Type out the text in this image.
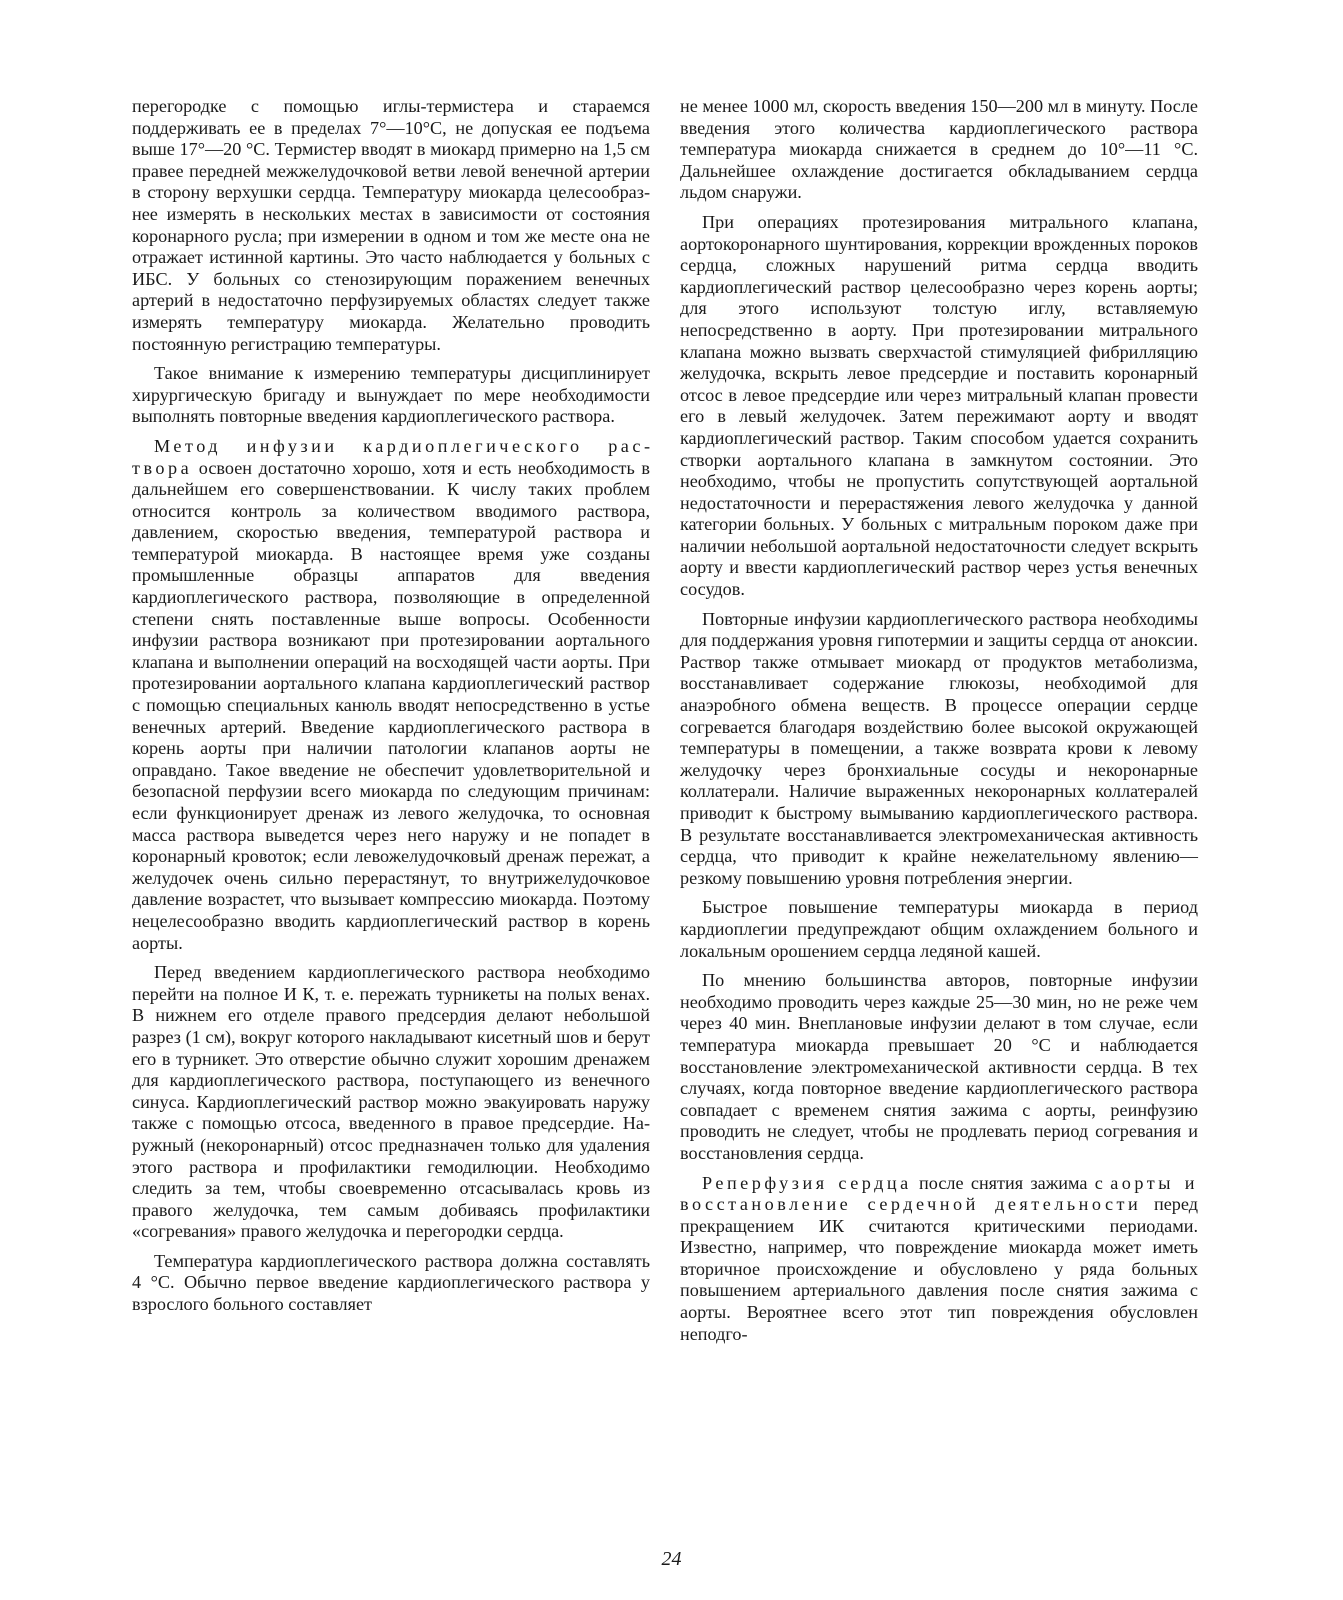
перегородке с помощью иглы-термистера и стараемся поддерживать ее в пределах 7°—10°С, не допуская ее подъема выше 17°—20 °С. Термистер вводят в миокард примерно на 1,5 см правее передней межжелудочковой ветви левой венечной артерии в сторону верхушки сердца. Температуру миокарда целесообразнее измерять в нескольких местах в зависимости от состояния коронарного русла; при измерении в одном и том же месте она не отражает истинной картины. Это часто наблюдается у больных с ИБС. У больных со стенозирующим поражением венечных артерий в недостаточно перфузируемых областях следует также измерять температуру миокарда. Желательно проводить постоянную регистрацию температуры.

Такое внимание к измерению температуры дисциплинирует хирургическую бригаду и вынуждает по мере необходимости выполнять повторные введения кардиоплегического раствора.

Метод инфузии кардиоплегического раствора освоен достаточно хорошо, хотя и есть необходимость в дальнейшем его совершенствовании. К числу таких проблем относится контроль за количеством вводимого раствора, давлением, скоростью введения, температурой раствора и температурой миокарда. В настоящее время уже созданы промышленные образцы аппаратов для введения кардиоплегического раствора, позволяющие в определенной степени снять поставленные выше вопросы. Особенности инфузии раствора возникают при протезировании аортального клапана и выполнении операций на восходящей части аорты. При протезировании аортального клапана кардиоплегический раствор с помощью специальных канюль вводят непосредственно в устье венечных артерий. Введение кардиоплегического раствора в корень аорты при наличии патологии клапанов аорты не оправдано. Такое введение не обеспечит удовлетворительной и безопасной перфузии всего миокарда по следующим причинам: если функционирует дренаж из левого желудочка, то основная масса раствора выведется через него наружу и не попадет в коронарный кровоток; если левожелудочковый дренаж пережат, а желудочек очень сильно перерастянут, то внутрижелудочковое давление возрастет, что вызывает компрессию миокарда. Поэтому нецелесообразно вводить кардиоплегический раствор в корень аорты.

Перед введением кардиоплегического раствора необходимо перейти на полное И К, т. е. пережать турникеты на полых венах. В нижнем его отделе правого предсердия делают небольшой разрез (1 см), вокруг которого накладывают кисетный шов и берут его в турникет. Это отверстие обычно служит хорошим дренажем для кардиоплегического раствора, поступающего из венечного синуса. Кардиоплегический раствор можно эвакуировать наружу также с помощью отсоса, введенного в правое предсердие. Наружный (некоронарный) отсос предназначен только для удаления этого раствора и профилактики гемодилюции. Необходимо следить за тем, чтобы своевременно отсасывалась кровь из правого желудочка, тем самым добиваясь профилактики «согревания» правого желудочка и перегородки сердца.

Температура кардиоплегического раствора должна составлять 4 °С. Обычно первое введение кардиоплегического раствора у взрослого больного составляет

не менее 1000 мл, скорость введения 150—200 мл в минуту. После введения этого количества кардиоплегического раствора температура миокарда снижается в среднем до 10°—11 °С. Дальнейшее охлаждение достигается обкладыванием сердца льдом снаружи.

При операциях протезирования митрального клапана, аортокоронарного шунтирования, коррекции врожденных пороков сердца, сложных нарушений ритма сердца вводить кардиоплегический раствор целесообразно через корень аорты; для этого используют толстую иглу, вставляемую непосредственно в аорту. При протезировании митрального клапана можно вызвать сверхчастой стимуляцией фибрилляцию желудочка, вскрыть левое предсердие и поставить коронарный отсос в левое предсердие или через митральный клапан провести его в левый желудочек. Затем пережимают аорту и вводят кардиоплегический раствор. Таким способом удается сохранить створки аортального клапана в замкнутом состоянии. Это необходимо, чтобы не пропустить сопутствующей аортальной недостаточности и перерастяжения левого желудочка у данной категории больных. У больных с митральным пороком даже при наличии небольшой аортальной недостаточности следует вскрыть аорту и ввести кардиоплегический раствор через устья венечных сосудов.

Повторные инфузии кардиоплегического раствора необходимы для поддержания уровня гипотермии и защиты сердца от аноксии. Раствор также отмывает миокард от продуктов метаболизма, восстанавливает содержание глюкозы, необходимой для анаэробного обмена веществ. В процессе операции сердце согревается благодаря воздействию более высокой окружающей температуры в помещении, а также возврата крови к левому желудочку через бронхиальные сосуды и некоронарные коллатерали. Наличие выраженных некоронарных коллатералей приводит к быстрому вымыванию кардиоплегического раствора. В результате восстанавливается электромеханическая активность сердца, что приводит к крайне нежелательному явлению—резкому повышению уровня потребления энергии.

Быстрое повышение температуры миокарда в период кардиоплегии предупреждают общим охлаждением больного и локальным орошением сердца ледяной кашей.

По мнению большинства авторов, повторные инфузии необходимо проводить через каждые 25—30 мин, но не реже чем через 40 мин. Внеплановые инфузии делают в том случае, если температура миокарда превышает 20 °С и наблюдается восстановление электромеханической активности сердца. В тех случаях, когда повторное введение кардиоплегического раствора совпадает с временем снятия зажима с аорты, реинфузию проводить не следует, чтобы не продлевать период согревания и восстановления сердца.

Реперфузия сердца после снятия зажима с аорты и восстановление сердечной деятельности перед прекращением ИК считаются критическими периодами. Известно, например, что повреждение миокарда может иметь вторичное происхождение и обусловлено у ряда больных повышением артериального давления после снятия зажима с аорты. Вероятнее всего этот тип повреждения обусловлен неподго-

24
